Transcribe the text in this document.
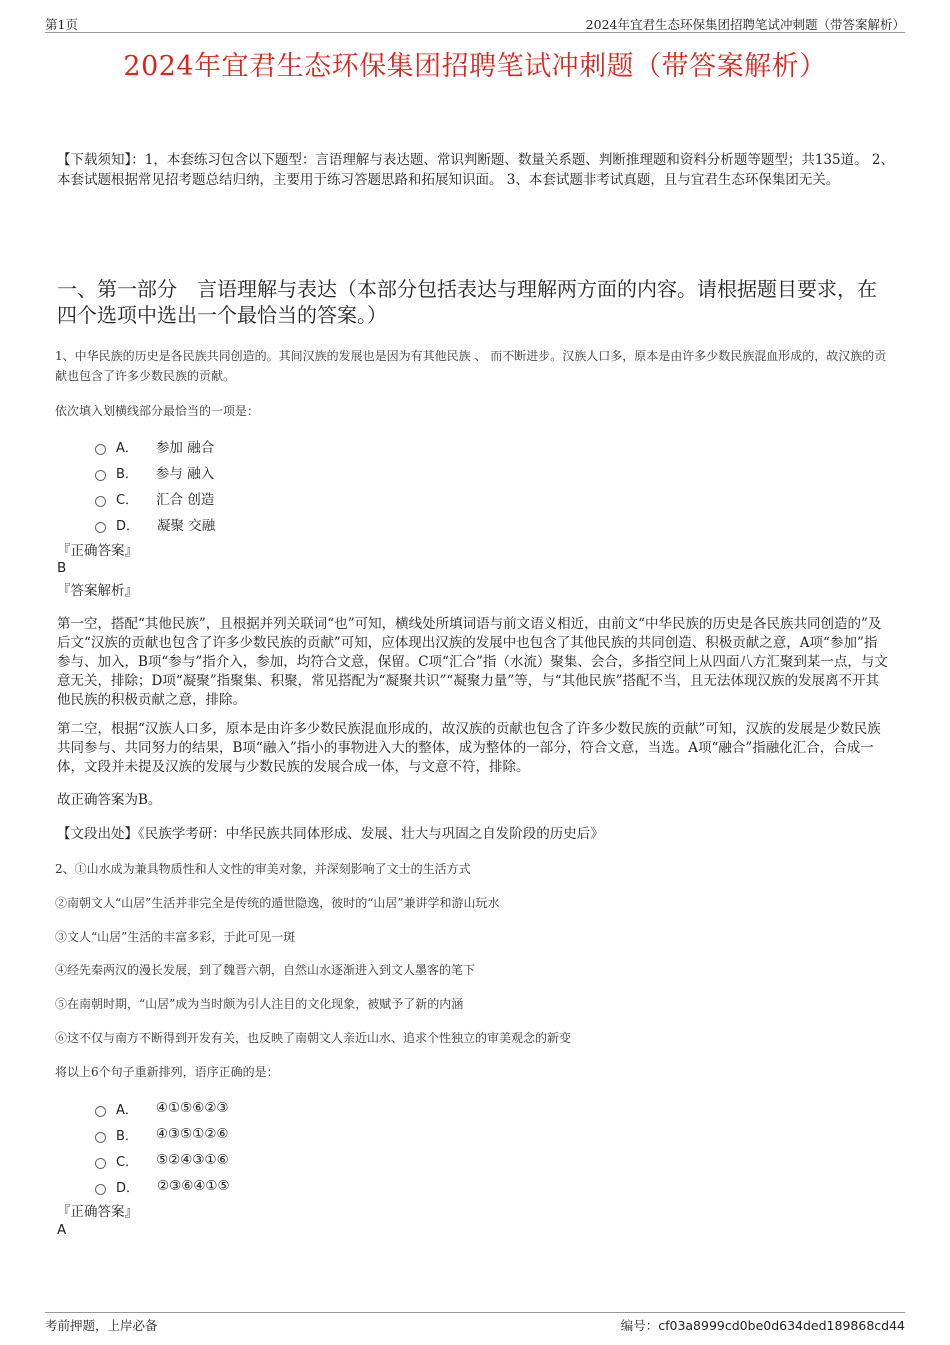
第1页	2024年宜君生态环保集团招聘笔试冲刺题（带答案解析）
2024年宜君生态环保集团招聘笔试冲刺题（带答案解析）
【下载须知】：1，本套练习包含以下题型：言语理解与表达题、常识判断题、数量关系题、判断推理题和资料分析题等题型；共135道。 2、本套试题根据常见招考题总结归纳，主要用于练习答题思路和拓展知识面。 3、本套试题非考试真题，且与宜君生态环保集团无关。
一、第一部分　言语理解与表达（本部分包括表达与理解两方面的内容。请根据题目要求，在四个选项中选出一个最恰当的答案。）
1、中华民族的历史是各民族共同创造的。其间汉族的发展也是因为有其他民族 、 而不断进步。汉族人口多，原本是由许多少数民族混血形成的，故汉族的贡献也包含了许多少数民族的贡献。
依次填入划横线部分最恰当的一项是：
A． 参加 融合
B． 参与 融入
C． 汇合 创造
D． 凝聚 交融
『正确答案』
B
『答案解析』
第一空，搭配“其他民族”，且根据并列关联词“也”可知，横线处所填词语与前文语义相近，由前文“中华民族的历史是各民族共同创造的”及后文“汉族的贡献也包含了许多少数民族的贡献”可知，应体现出汉族的发展中也包含了其他民族的共同创造、积极贡献之意，A项“参加”指参与、加入，B项“参与”指介入，参加，均符合文意，保留。C项“汇合”指（水流）聚集、会合，多指空间上从四面八方汇聚到某一点，与文意无关，排除；D项“凝聚”指聚集、积聚，常见搭配为“凝聚共识”“凝聚力量”等，与“其他民族”搭配不当，且无法体现汉族的发展离不开其他民族的积极贡献之意，排除。
第二空，根据“汉族人口多，原本是由许多少数民族混血形成的，故汉族的贡献也包含了许多少数民族的贡献”可知，汉族的发展是少数民族共同参与、共同努力的结果，B项“融入”指小的事物进入大的整体，成为整体的一部分，符合文意，当选。A项“融合”指融化汇合，合成一体，文段并未提及汉族的发展与少数民族的发展合成一体，与文意不符，排除。
故正确答案为B。
【文段出处】《民族学考研：中华民族共同体形成、发展、壮大与巩固之自发阶段的历史后》
2、①山水成为兼具物质性和人文性的审美对象，并深刻影响了文士的生活方式
②南朝文人“山居”生活并非完全是传统的遁世隐逸，彼时的“山居”兼讲学和游山玩水
③文人“山居”生活的丰富多彩，于此可见一斑
④经先秦两汉的漫长发展，到了魏晋六朝，自然山水逐渐进入到文人墨客的笔下
⑤在南朝时期，“山居”成为当时颇为引人注目的文化现象，被赋予了新的内涵
⑥这不仅与南方不断得到开发有关，也反映了南朝文人亲近山水、追求个性独立的审美观念的新变
将以上6个句子重新排列，语序正确的是：
A． ④①⑤⑥②③
B． ④③⑤①②⑥
C． ⑤②④③①⑥
D． ②③⑥④①⑤
『正确答案』
A
考前押题，上岸必备	编号：cf03a8999cd0be0d634ded189868cd44
